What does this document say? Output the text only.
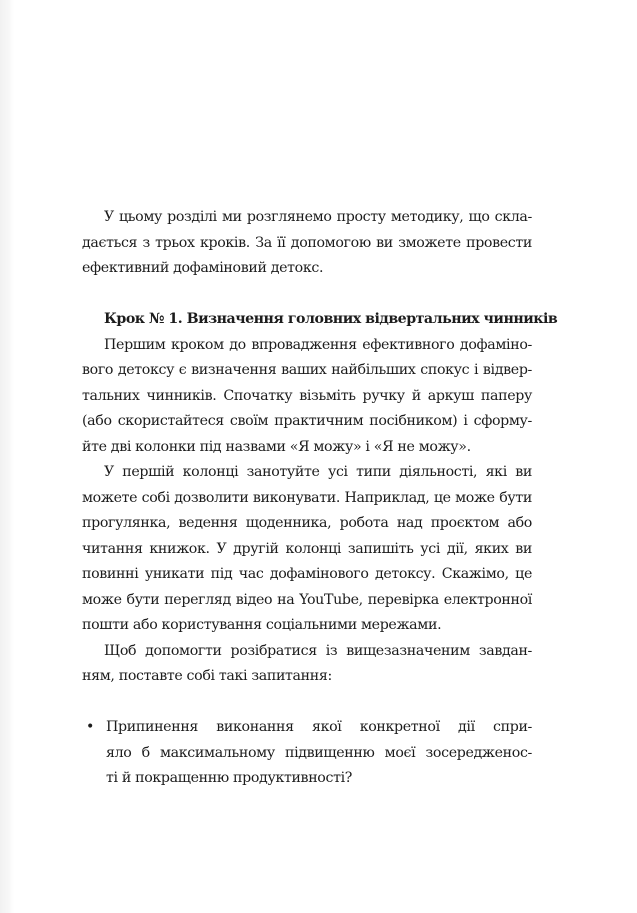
У цьому розділі ми розглянемо просту методику, що скла-
дається з трьох кроків. За її допомогою ви зможете провести
ефективний дофаміновий детокс.
Крок № 1. Визначення головних відвертальних чинників
Першим кроком до впровадження ефективного дофаміно-
вого детоксу є визначення ваших найбільших спокус і відвер-
тальних чинників. Спочатку візьміть ручку й аркуш паперу
(або скористайтеся своїм практичним посібником) і сформу-
йте дві колонки під назвами «Я можу» і «Я не можу».
У першій колонці занотуйте усі типи діяльності, які ви
можете собі дозволити виконувати. Наприклад, це може бути
прогулянка, ведення щоденника, робота над проєктом або
читання книжок. У другій колонці запишіть усі дії, яких ви
повинні уникати під час дофамінового детоксу. Скажімо, це
може бути перегляд відео на YouTube, перевірка електронної
пошти або користування соціальними мережами.
Щоб допомогти розібратися із вищезазначеним завдан-
ням, поставте собі такі запитання:
• Припинення виконання якої конкретної дії спри-
яло б максимальному підвищенню моєї зосередженос-
ті й покращенню продуктивності?
